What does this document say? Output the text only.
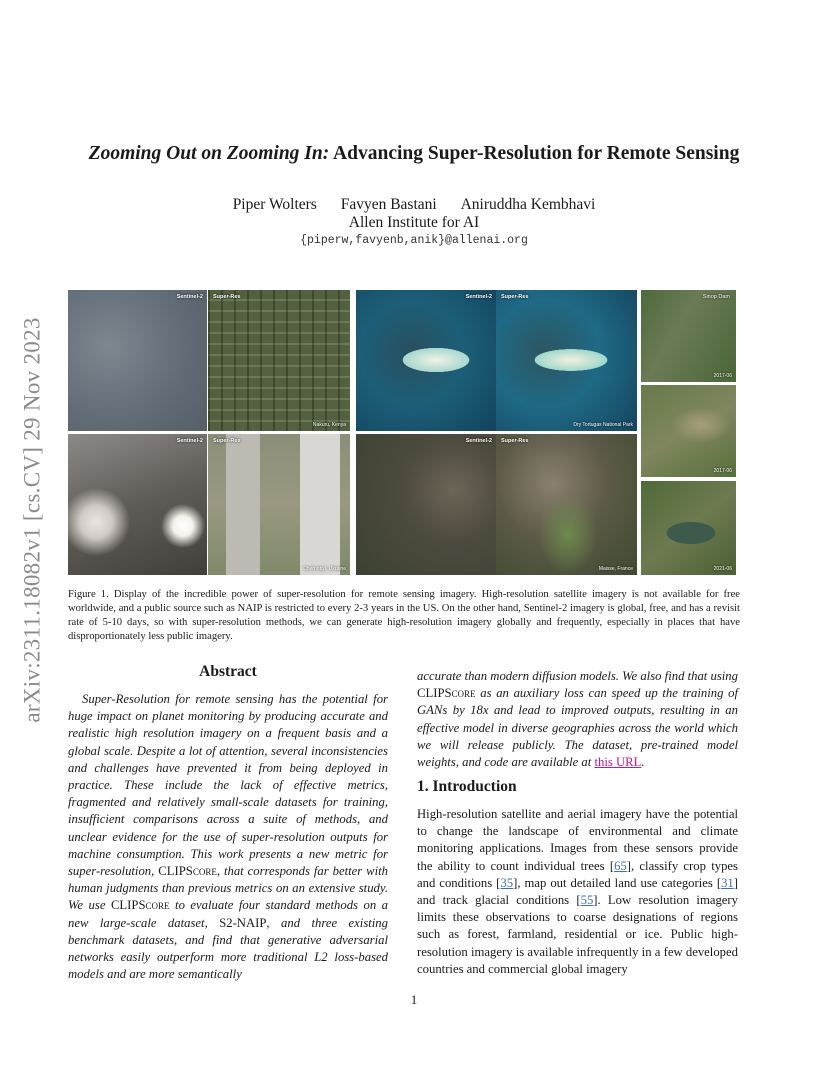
arXiv:2311.18082v1 [cs.CV] 29 Nov 2023
Zooming Out on Zooming In: Advancing Super-Resolution for Remote Sensing
Piper Wolters Favyen Bastani Aniruddha Kembhavi
Allen Institute for AI
{piperw,favyenb,anik}@allenai.org
Sentinel-2 Super-Res
Nakuru, Kenya
Sentinel-2 Super-Res
Dry Tortugas National Park
Sentinel-2 Super-Res
Chernobyl, Ukraine
Sentinel-2 Super-Res
Maisse, France
Sinop Dam
2017-06
2017-06
2021-06
Figure 1. Display of the incredible power of super-resolution for remote sensing imagery. High-resolution satellite imagery is not available for free worldwide, and a public source such as NAIP is restricted to every 2-3 years in the US. On the other hand, Sentinel-2 imagery is global, free, and has a revisit rate of 5-10 days, so with super-resolution methods, we can generate high-resolution imagery globally and frequently, especially in places that have disproportionately less public imagery.
Abstract
Super-Resolution for remote sensing has the potential for huge impact on planet monitoring by producing accurate and realistic high resolution imagery on a frequent basis and a global scale. Despite a lot of attention, several inconsistencies and challenges have prevented it from being deployed in practice. These include the lack of effective metrics, fragmented and relatively small-scale datasets for training, insufficient comparisons across a suite of methods, and unclear evidence for the use of super-resolution outputs for machine consumption. This work presents a new metric for super-resolution, CLIPScore, that corresponds far better with human judgments than previous metrics on an extensive study. We use CLIPScore to evaluate four standard methods on a new large-scale dataset, S2-NAIP, and three existing benchmark datasets, and find that generative adversarial networks easily outperform more traditional L2 loss-based models and are more semantically
accurate than modern diffusion models. We also find that using CLIPScore as an auxiliary loss can speed up the training of GANs by 18x and lead to improved outputs, resulting in an effective model in diverse geographies across the world which we will release publicly. The dataset, pre-trained model weights, and code are available at this URL.
1. Introduction
High-resolution satellite and aerial imagery have the potential to change the landscape of environmental and climate monitoring applications. Images from these sensors provide the ability to count individual trees [65], classify crop types and conditions [35], map out detailed land use categories [31] and track glacial conditions [55]. Low resolution imagery limits these observations to coarse designations of regions such as forest, farmland, residential or ice. Public high-resolution imagery is available infrequently in a few developed countries and commercial global imagery
1
